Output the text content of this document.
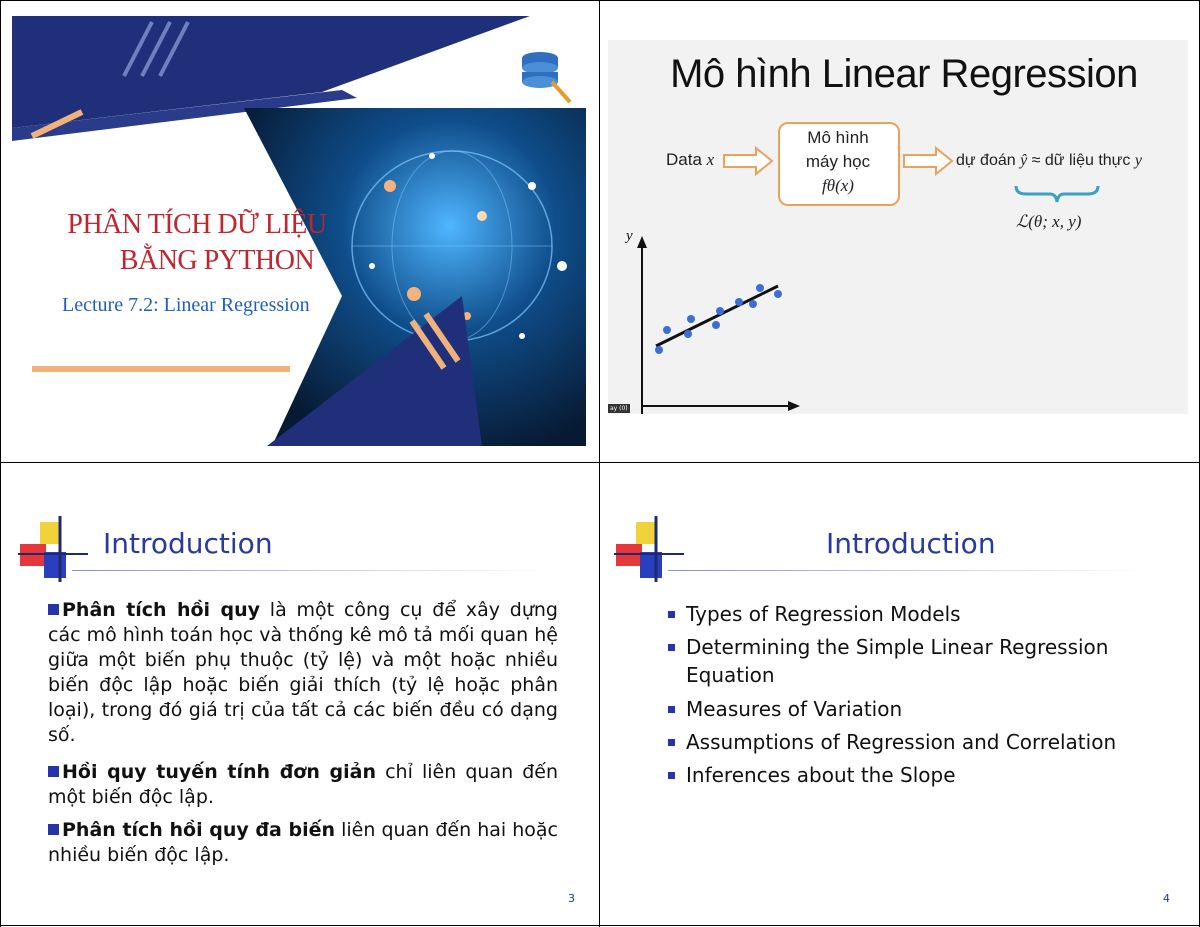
PHÂN TÍCH DỮ LIỆU
BẰNG PYTHON
Lecture 7.2: Linear Regression
Mô hình Linear Regression
Data x
Mô hình
máy học
fθ(x)
dự đoán ŷ ≈ dữ liệu thực y
ℒ(θ; x, y)
y
ay (0)
Introduction
Phân tích hồi quy là một công cụ để xây dựng các mô hình toán học và thống kê mô tả mối quan hệ giữa một biến phụ thuộc (tỷ lệ) và một hoặc nhiều biến độc lập hoặc biến giải thích (tỷ lệ hoặc phân loại), trong đó giá trị của tất cả các biến đều có dạng số.
Hồi quy tuyến tính đơn giản chỉ liên quan đến một biến độc lập.
Phân tích hồi quy đa biến liên quan đến hai hoặc nhiều biến độc lập.
3
Introduction
Types of Regression Models
Determining the Simple Linear Regression Equation
Measures of Variation
Assumptions of Regression and Correlation
Inferences about the Slope
4
